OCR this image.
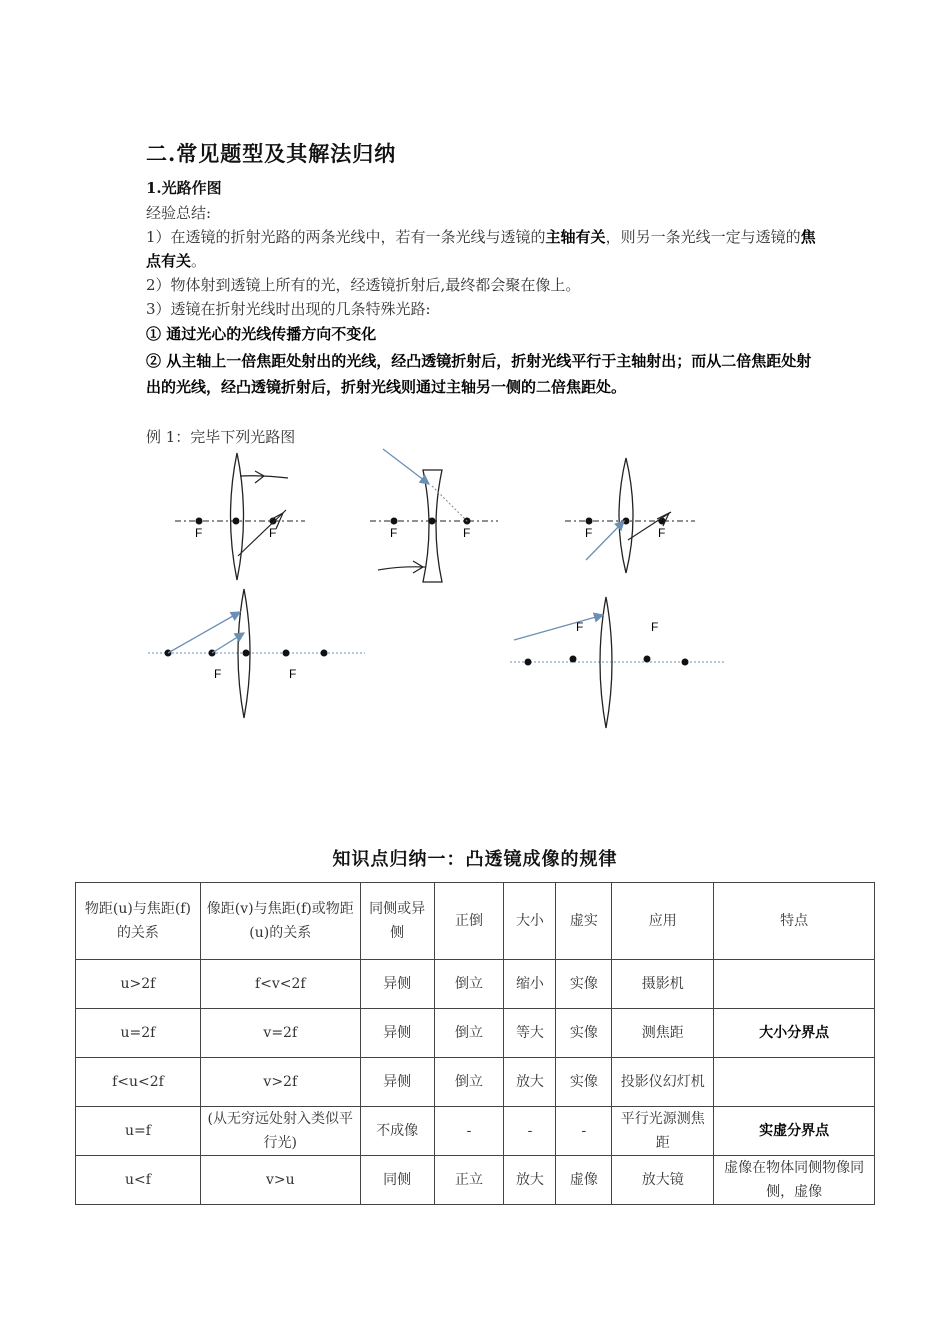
二.常见题型及其解法归纳
1.光路作图
经验总结:
1）在透镜的折射光路的两条光线中，若有一条光线与透镜的主轴有关，则另一条光线一定与透镜的焦点有关。
2）物体射到透镜上所有的光，经透镜折射后,最终都会聚在像上。
3）透镜在折射光线时出现的几条特殊光路:
① 通过光心的光线传播方向不变化
② 从主轴上一倍焦距处射出的光线，经凸透镜折射后，折射光线平行于主轴射出；而从二倍焦距处射出的光线，经凸透镜折射后，折射光线则通过主轴另一侧的二倍焦距处。
例 1：完毕下列光路图
F	F	F	F	F	F
F	F
F	F
知识点归纳一：凸透镜成像的规律
物距(u)与焦距(f)的关系	像距(v)与焦距(f)或物距(u)的关系	同侧或异侧	正倒	大小	虚实	应用	特点
u>2f	f<v<2f	异侧	倒立	缩小	实像	摄影机	
u=2f	v=2f	异侧	倒立	等大	实像	测焦距	大小分界点
f<u<2f	v>2f	异侧	倒立	放大	实像	投影仪幻灯机	
u=f	(从无穷远处射入类似平行光)	不成像	-	-	-	平行光源测焦距	实虚分界点
u<f	v>u	同侧	正立	放大	虚像	放大镜	虚像在物体同侧物像同侧，虚像
